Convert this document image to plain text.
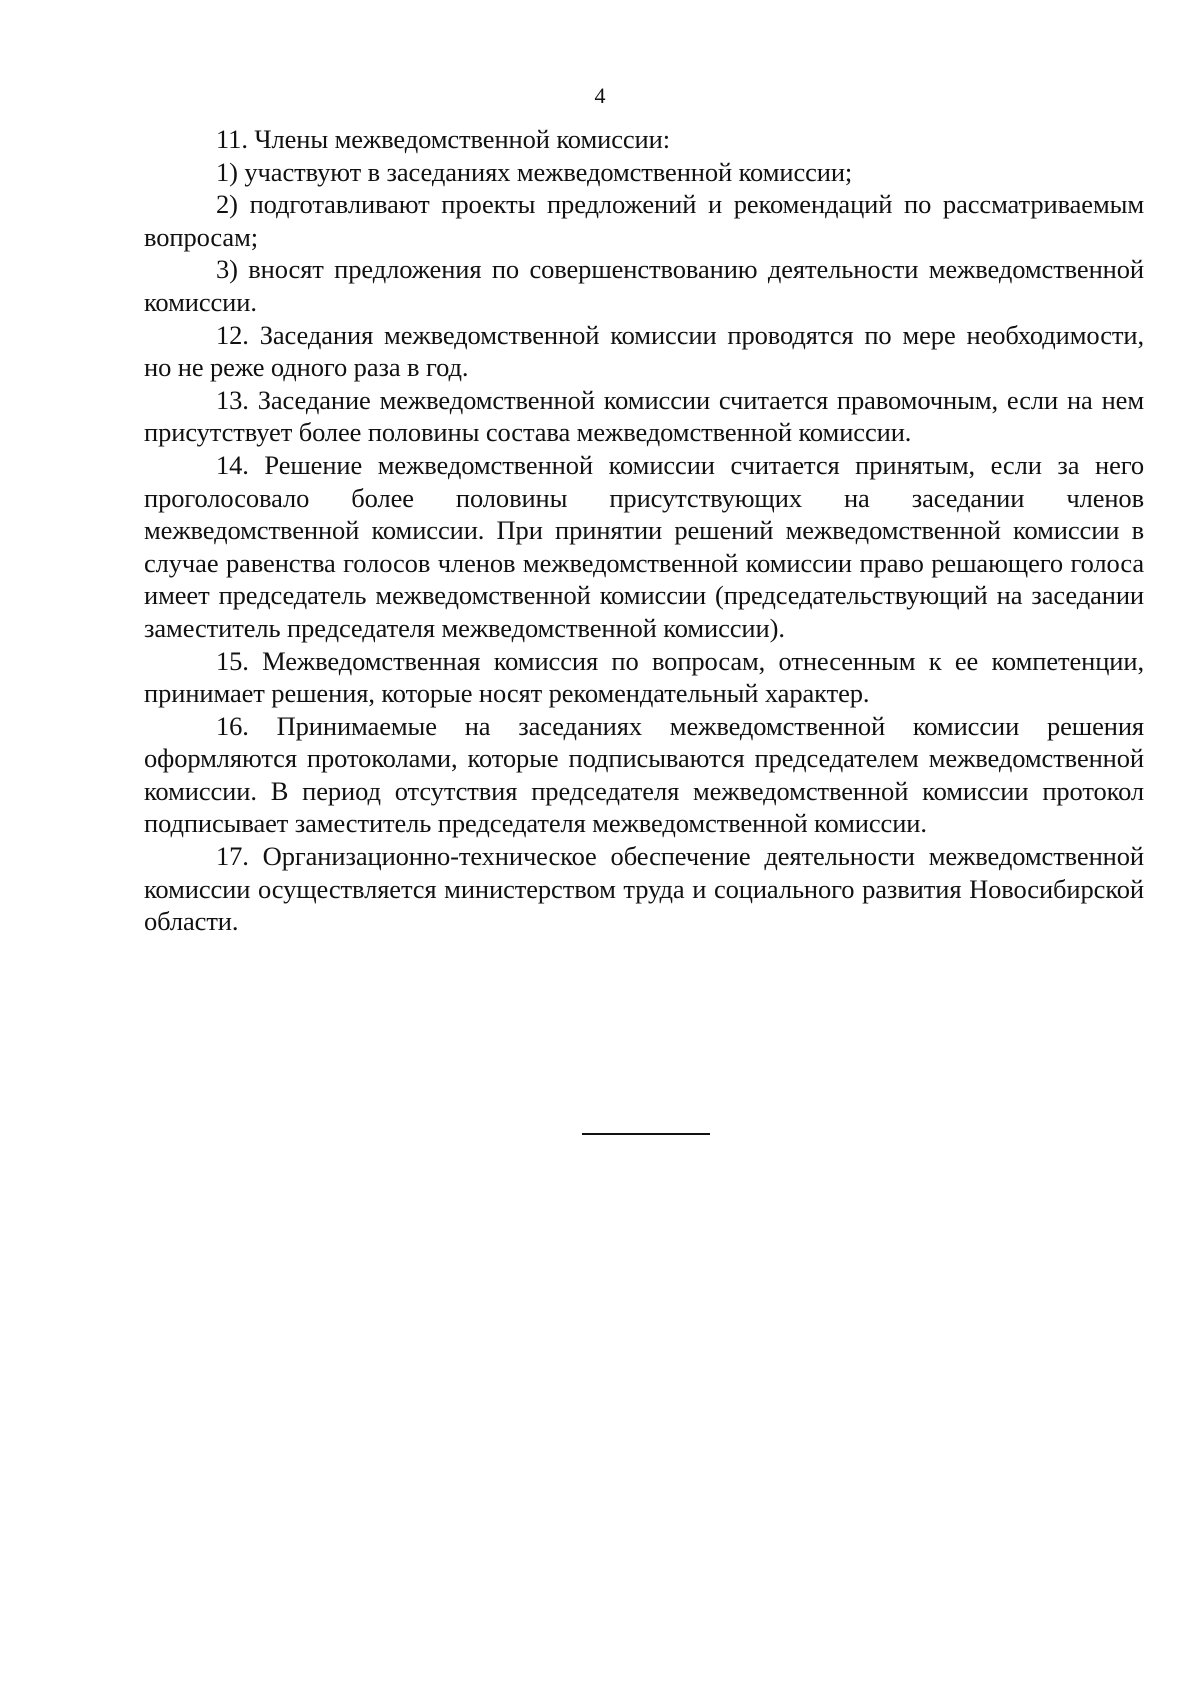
4

11. Члены межведомственной комиссии:

1) участвуют в заседаниях межведомственной комиссии;

2) подготавливают проекты предложений и рекомендаций по рассматриваемым вопросам;

3) вносят предложения по совершенствованию деятельности межведомственной комиссии.

12. Заседания межведомственной комиссии проводятся по мере необходимости, но не реже одного раза в год.

13. Заседание межведомственной комиссии считается правомочным, если на нем присутствует более половины состава межведомственной комиссии.

14. Решение межведомственной комиссии считается принятым, если за него проголосовало более половины присутствующих на заседании членов межведомственной комиссии. При принятии решений межведомственной комиссии в случае равенства голосов членов межведомственной комиссии право решающего голоса имеет председатель межведомственной комиссии (председательствующий на заседании заместитель председателя межведомственной комиссии).

15. Межведомственная комиссия по вопросам, отнесенным к ее компетенции, принимает решения, которые носят рекомендательный характер.

16. Принимаемые на заседаниях межведомственной комиссии решения оформляются протоколами, которые подписываются председателем межведомственной комиссии. В период отсутствия председателя межведомственной комиссии протокол подписывает заместитель председателя межведомственной комиссии.

17. Организационно-техническое обеспечение деятельности межведомственной комиссии осуществляется министерством труда и социального развития Новосибирской области.
